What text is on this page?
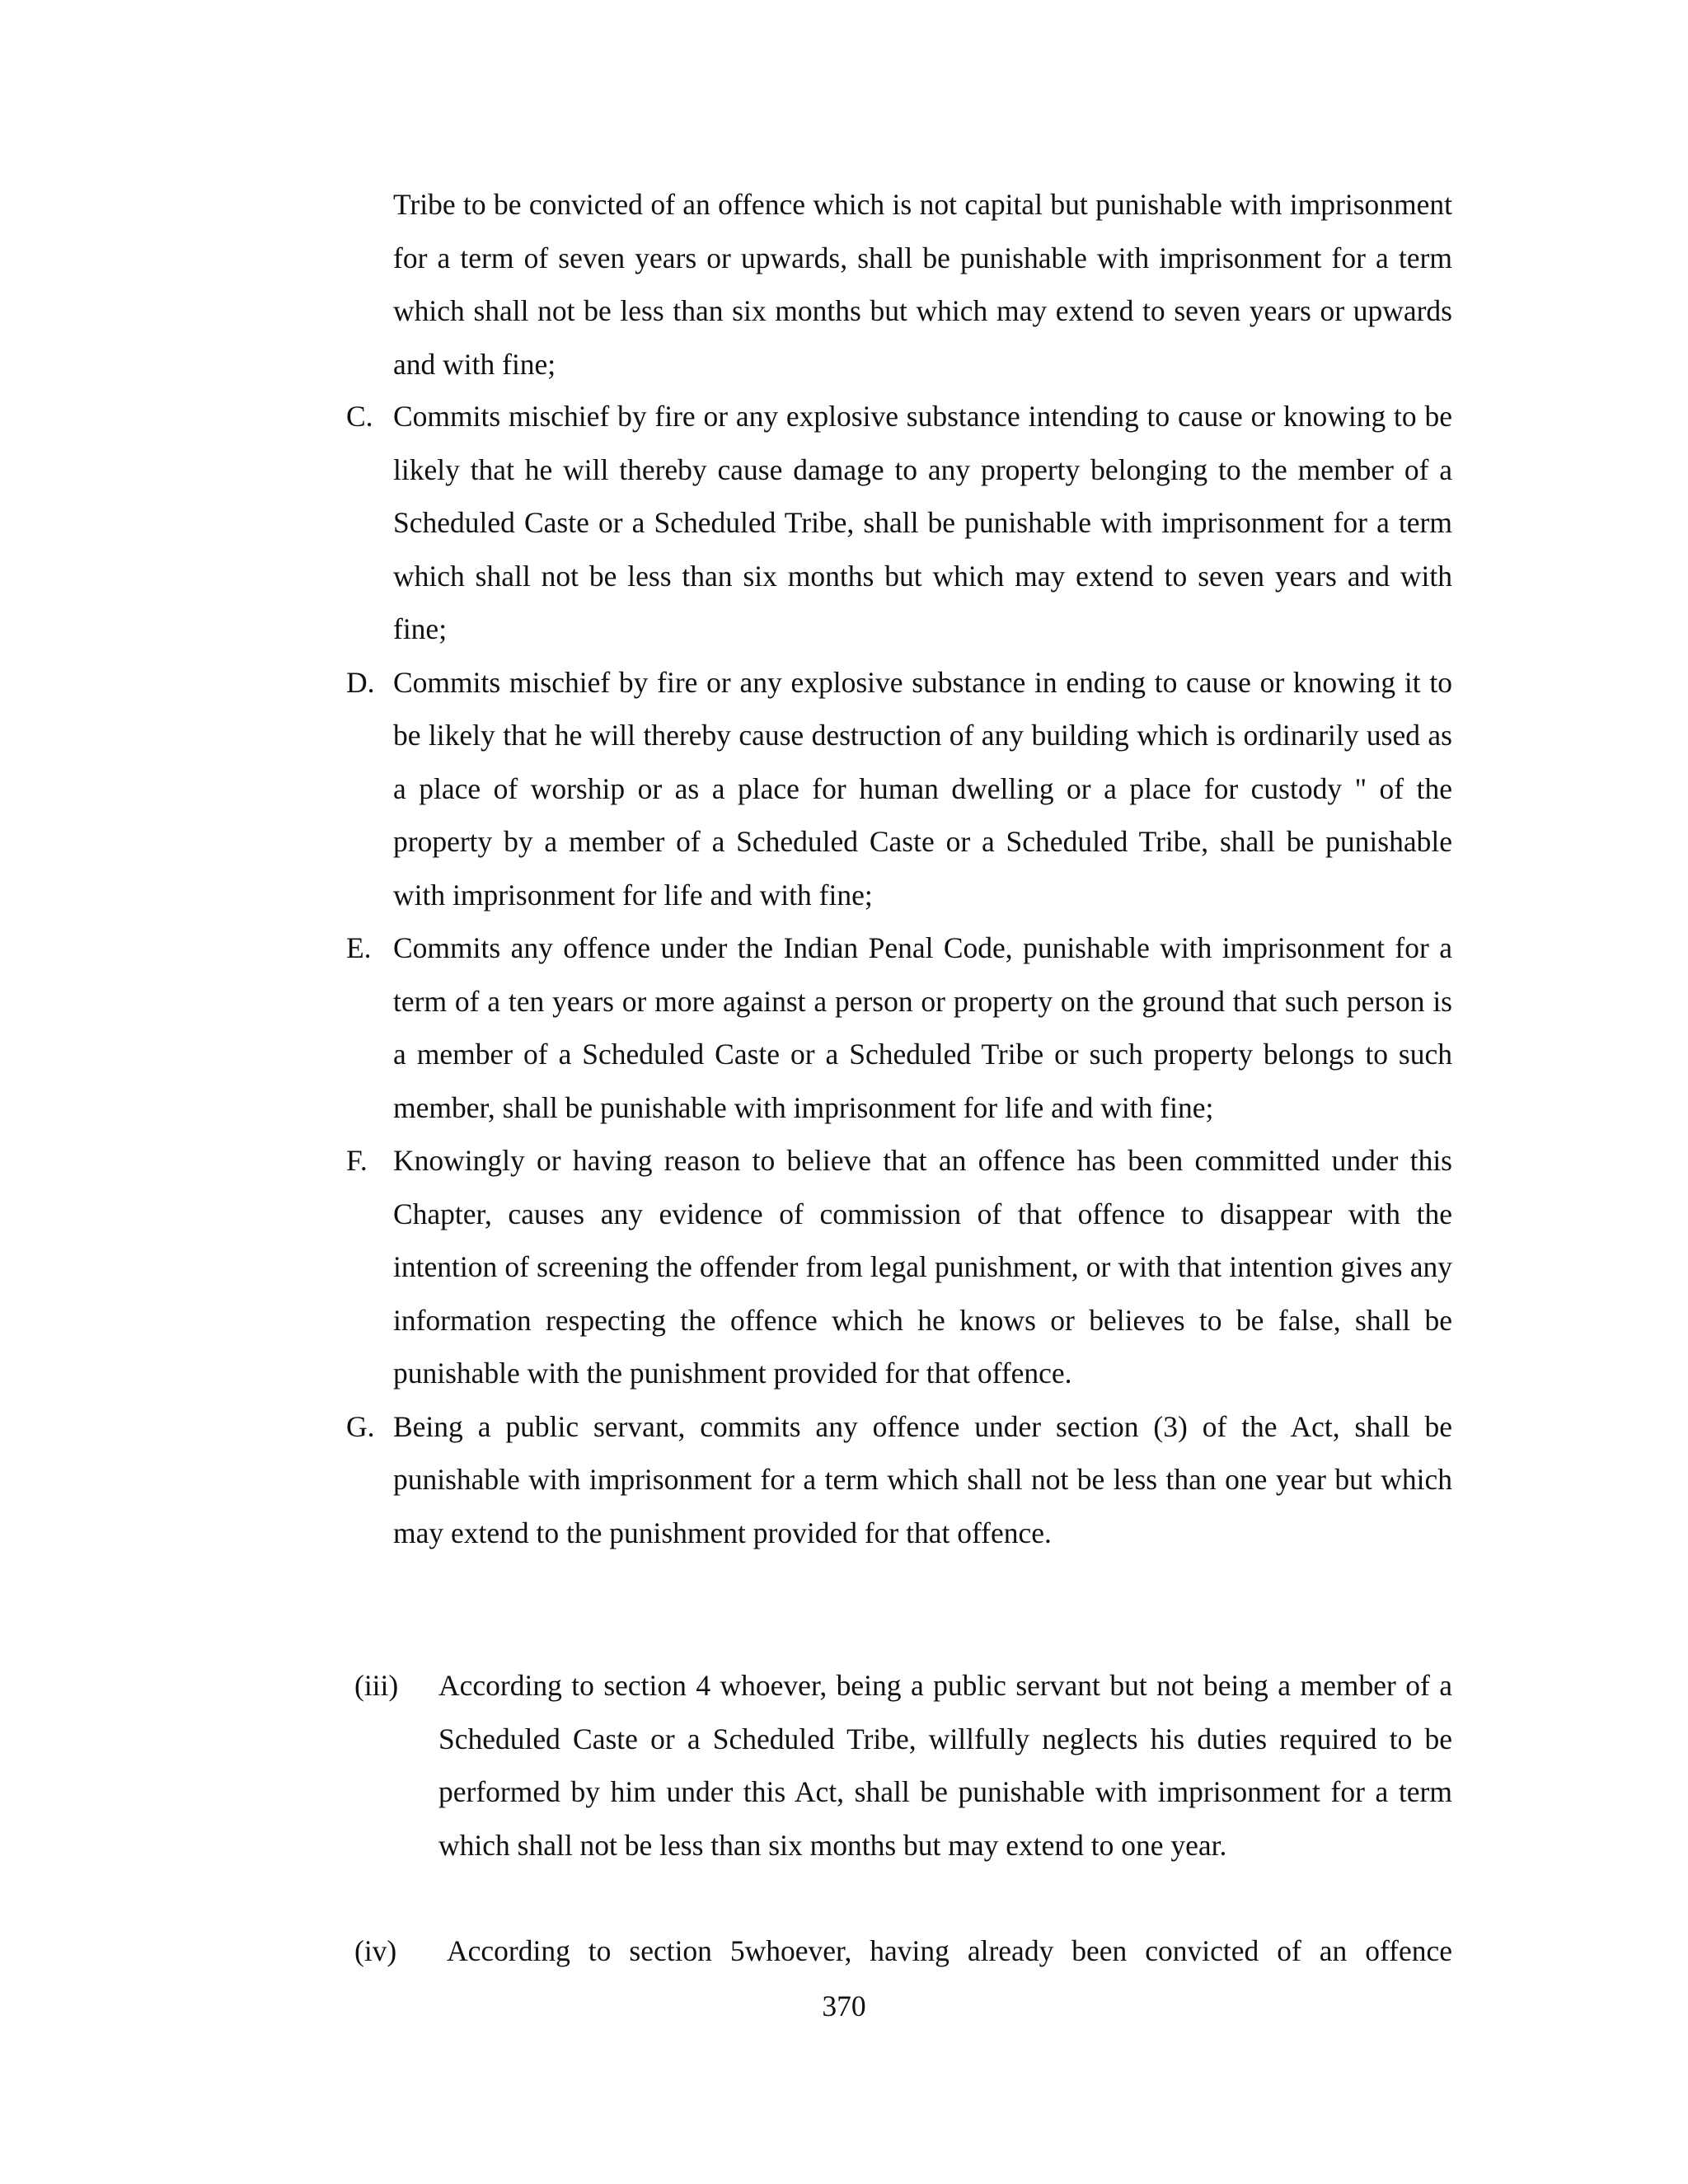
Tribe to be convicted of an offence which is not capital but punishable with imprisonment for a term of seven years or upwards, shall be punishable with imprisonment for a term which shall not be less than six months but which may extend to seven years or upwards and with fine;
C. Commits mischief by fire or any explosive substance intending to cause or knowing to be likely that he will thereby cause damage to any property belonging to the member of a Scheduled Caste or a Scheduled Tribe, shall be punishable with imprisonment for a term which shall not be less than six months but which may extend to seven years and with fine;
D. Commits mischief by fire or any explosive substance in ending to cause or knowing it to be likely that he will thereby cause destruction of any building which is ordinarily used as a place of worship or as a place for human dwelling or a place for custody " of the property by a member of a Scheduled Caste or a Scheduled Tribe, shall be punishable with imprisonment for life and with fine;
E. Commits any offence under the Indian Penal Code, punishable with imprisonment for a term of a ten years or more against a person or property on the ground that such person is a member of a Scheduled Caste or a Scheduled Tribe or such property belongs to such member, shall be punishable with imprisonment for life and with fine;
F. Knowingly or having reason to believe that an offence has been committed under this Chapter, causes any evidence of commission of that offence to disappear with the intention of screening the offender from legal punishment, or with that intention gives any information respecting the offence which he knows or believes to be false, shall be punishable with the punishment provided for that offence.
G. Being a public servant, commits any offence under section (3) of the Act, shall be punishable with imprisonment for a term which shall not be less than one year but which may extend to the punishment provided for that offence.
(iii)	According to section 4 whoever, being a public servant but not being a member of a Scheduled Caste or a Scheduled Tribe, willfully neglects his duties required to be performed by him under this Act, shall be punishable with imprisonment for a term which shall not be less than six months but may extend to one year.
(iv)	According to section 5whoever, having already been convicted of an offence
370
